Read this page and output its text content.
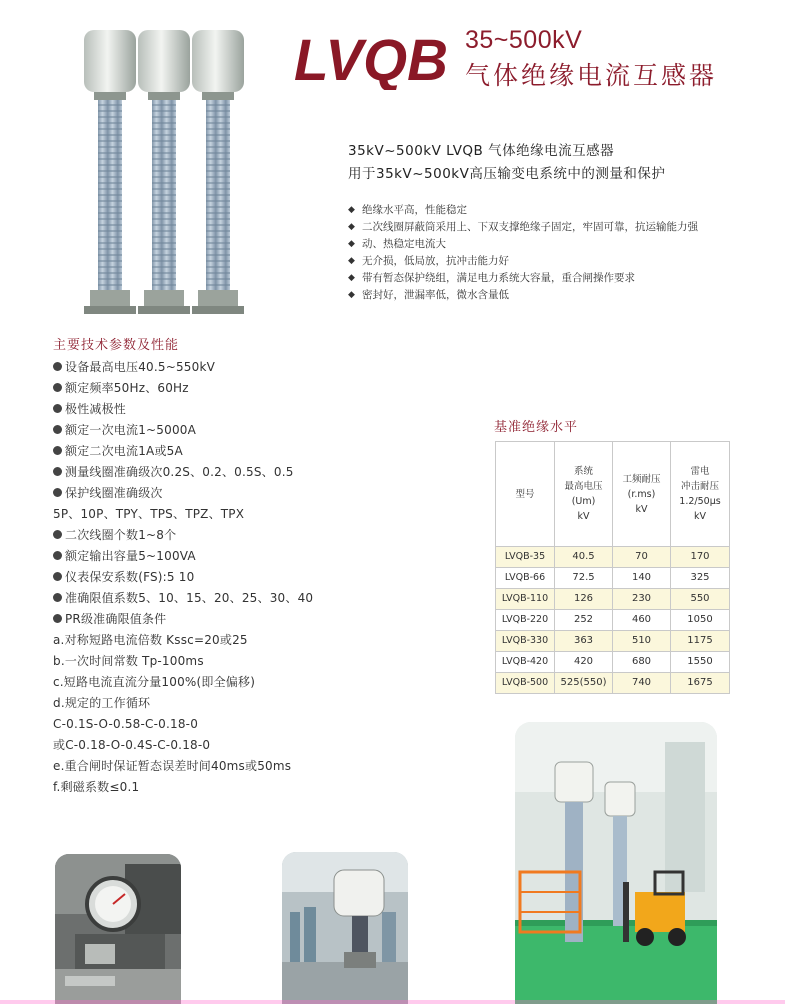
LVQB 35~500kV
气体绝缘电流互感器
35kV~500kV LVQB 气体绝缘电流互感器
用于35kV~500kV高压输变电系统中的测量和保护
◆ 绝缘水平高，性能稳定
◆ 二次线圈屏蔽筒采用上、下双支撑绝缘子固定，牢固可靠，抗运输能力强
◆ 动、热稳定电流大
◆ 无介损，低局放，抗冲击能力好
◆ 带有暂态保护绕组，满足电力系统大容量，重合闸操作要求
◆ 密封好，泄漏率低，微水含量低
主要技术参数及性能
设备最高电压40.5~550kV
额定频率50Hz、60Hz
极性减极性
额定一次电流1~5000A
额定二次电流1A或5A
测量线圈准确级次0.2S、0.2、0.5S、0.5
保护线圈准确级次
5P、10P、TPY、TPS、TPZ、TPX
二次线圈个数1~8个
额定输出容量5~100VA
仪表保安系数(FS):5 10
准确限值系数5、10、15、20、25、30、40
PR级准确限值条件
a.对称短路电流倍数 Kssc=20或25
b.一次时间常数 Tp-100ms
c.短路电流直流分量100%(即全偏移)
d.规定的工作循环
C-0.1S-O-0.58-C-0.18-0
或C-0.18-O-0.4S-C-0.18-0
e.重合闸时保证暂态误差时间40ms或50ms
f.剩磁系数≤0.1
基准绝缘水平
型号	系统
最高电压
(Um)
kV	工频耐压
(r.ms)
kV	雷电
冲击耐压
1.2/50μs
kV
LVQB-35	40.5	70	170
LVQB-66	72.5	140	325
LVQB-110	126	230	550
LVQB-220	252	460	1050
LVQB-330	363	510	1175
LVQB-420	420	680	1550
LVQB-500	525(550)	740	1675
